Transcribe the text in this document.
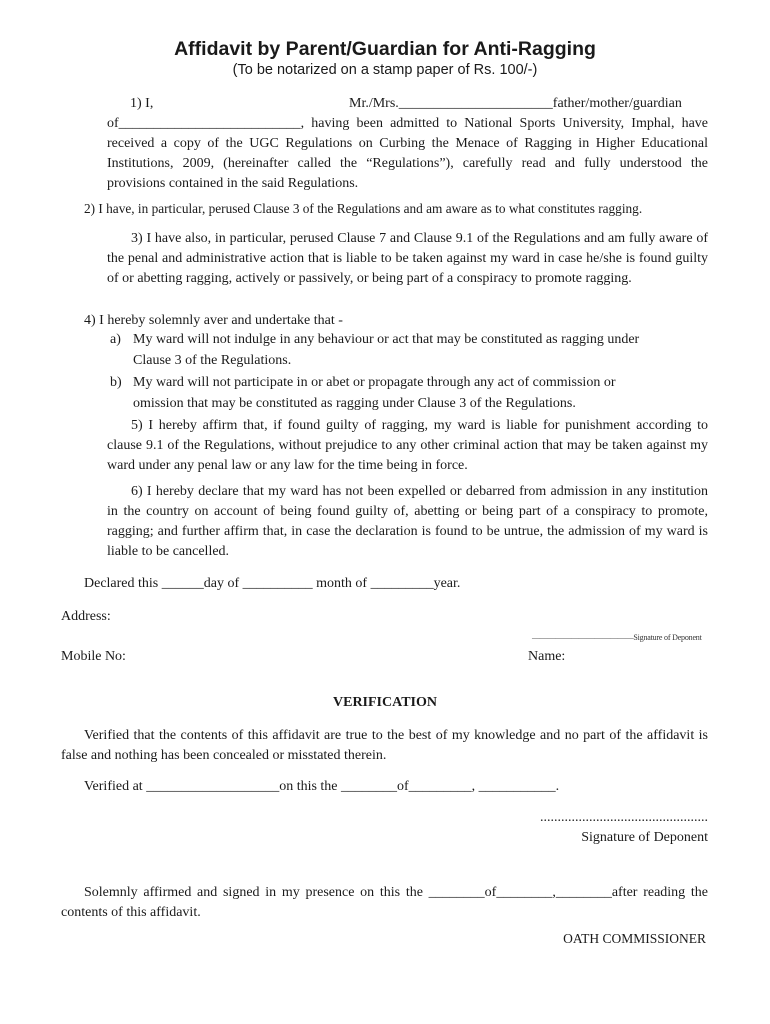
Affidavit by Parent/Guardian for Anti-Ragging
(To be notarized on a stamp paper of Rs. 100/-)
1) I,	Mr./Mrs.______________________father/mother/guardian
of__________________________, having been admitted to National Sports University, Imphal, have received a copy of the UGC Regulations on Curbing the Menace of Ragging in Higher Educational Institutions, 2009, (hereinafter called the “Regulations”), carefully read and fully understood the provisions contained in the said Regulations.
2) I have, in particular, perused Clause 3 of the Regulations and am aware as to what constitutes ragging.
3) I have also, in particular, perused Clause 7 and Clause 9.1 of the Regulations and am fully aware of the penal and administrative action that is liable to be taken against my ward in case he/she is found guilty of or abetting ragging, actively or passively, or being part of a conspiracy to promote ragging.
4) I hereby solemnly aver and undertake that -
a) My ward will not indulge in any behaviour or act that may be constituted as ragging under
Clause 3 of the Regulations.
b) My ward will not participate in or abet or propagate through any act of commission or
omission that may be constituted as ragging under Clause 3 of the Regulations.
5) I hereby affirm that, if found guilty of ragging, my ward is liable for punishment according to clause 9.1 of the Regulations, without prejudice to any other criminal action that may be taken against my ward under any penal law or any law for the time being in force.
6) I hereby declare that my ward has not been expelled or debarred from admission in any institution in the country on account of being found guilty of, abetting or being part of a conspiracy to promote, ragging; and further affirm that, in case the declaration is found to be untrue, the admission of my ward is liable to be cancelled.
Declared this ______day of __________ month of _________year.
Address:
—————————————Signature of Deponent
Mobile No:	Name:
VERIFICATION
Verified that the contents of this affidavit are true to the best of my knowledge and no part of the affidavit is false and nothing has been concealed or misstated therein.
Verified at ___________________on this the ________of_________, ___________.
................................................
Signature of Deponent
Solemnly affirmed and signed in my presence on this the ________of________,________after reading the contents of this affidavit.
OATH COMMISSIONER
